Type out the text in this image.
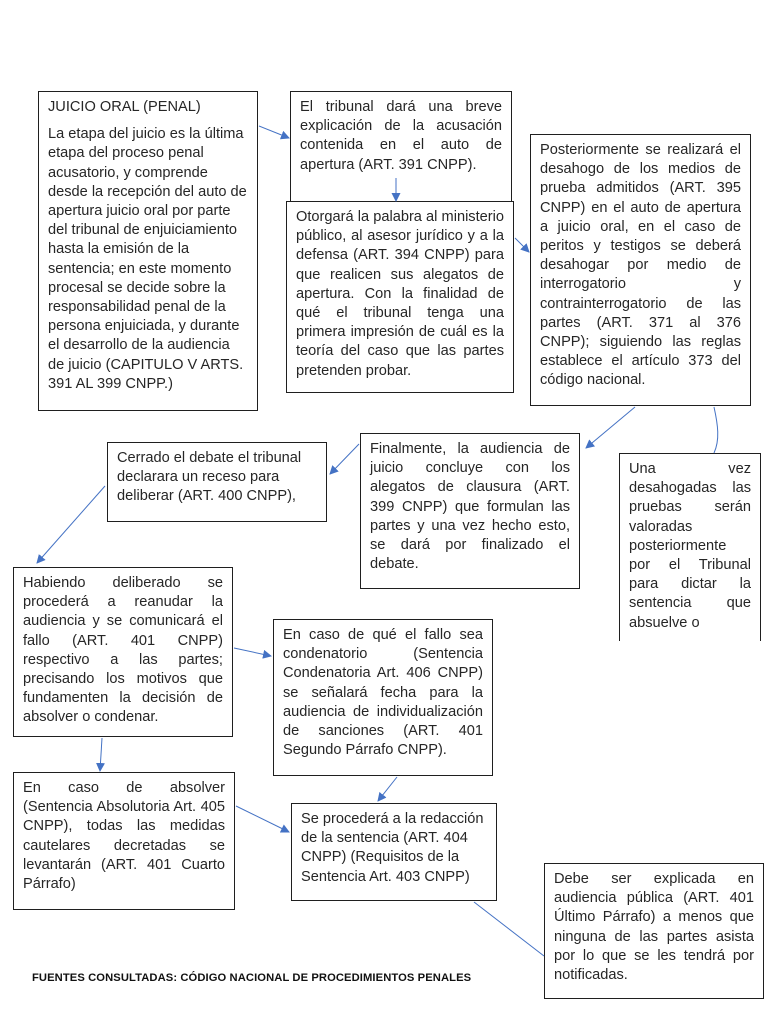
JUICIO ORAL (PENAL)
La etapa del juicio es la última etapa del proceso penal acusatorio, y comprende desde la recepción del auto de apertura juicio oral por parte del tribunal de enjuiciamiento hasta la emisión de la sentencia; en este momento procesal se decide sobre la responsabilidad penal de la persona enjuiciada, y durante el desarrollo de la audiencia de juicio (CAPITULO V ARTS. 391 AL 399 CNPP.)
El tribunal dará una breve explicación de la acusación contenida en el auto de apertura (ART. 391 CNPP).
Otorgará la palabra al ministerio público, al asesor jurídico y a la defensa (ART. 394 CNPP) para que realicen sus alegatos de apertura. Con la finalidad de qué el tribunal tenga una primera impresión de cuál es la teoría del caso que las partes pretenden probar.
Posteriormente se realizará el desahogo de los medios de prueba admitidos (ART. 395 CNPP) en el auto de apertura a juicio oral, en el caso de peritos y testigos se deberá desahogar por medio de interrogatorio y contrainterrogatorio de las partes (ART. 371 al 376 CNPP); siguiendo las reglas establece el artículo 373 del código nacional.
Una vez desahogadas las pruebas serán valoradas posteriormente por el Tribunal para dictar la sentencia que absuelve o
Finalmente, la audiencia de juicio concluye con los alegatos de clausura (ART. 399 CNPP) que formulan las partes y una vez hecho esto, se dará por finalizado el debate.
Cerrado el debate el tribunal declarara un receso para deliberar (ART. 400 CNPP),
Habiendo deliberado se procederá a reanudar la audiencia y se comunicará el fallo (ART. 401 CNPP) respectivo a las partes; precisando los motivos que fundamenten la decisión de absolver o condenar.
En caso de qué el fallo sea condenatorio (Sentencia Condenatoria Art. 406 CNPP) se señalará fecha para la audiencia de individualización de sanciones (ART. 401 Segundo Párrafo CNPP).
En caso de absolver (Sentencia Absolutoria Art. 405 CNPP), todas las medidas cautelares decretadas se levantarán (ART. 401 Cuarto Párrafo)
Se procederá a la redacción de la sentencia (ART. 404 CNPP) (Requisitos de la Sentencia Art. 403 CNPP)	Debe ser explicada en audiencia pública (ART. 401 Último Párrafo) a menos que ninguna de las partes asista por lo que se les tendrá por notificadas.
FUENTES CONSULTADAS: CÓDIGO NACIONAL DE PROCEDIMIENTOS PENALES
